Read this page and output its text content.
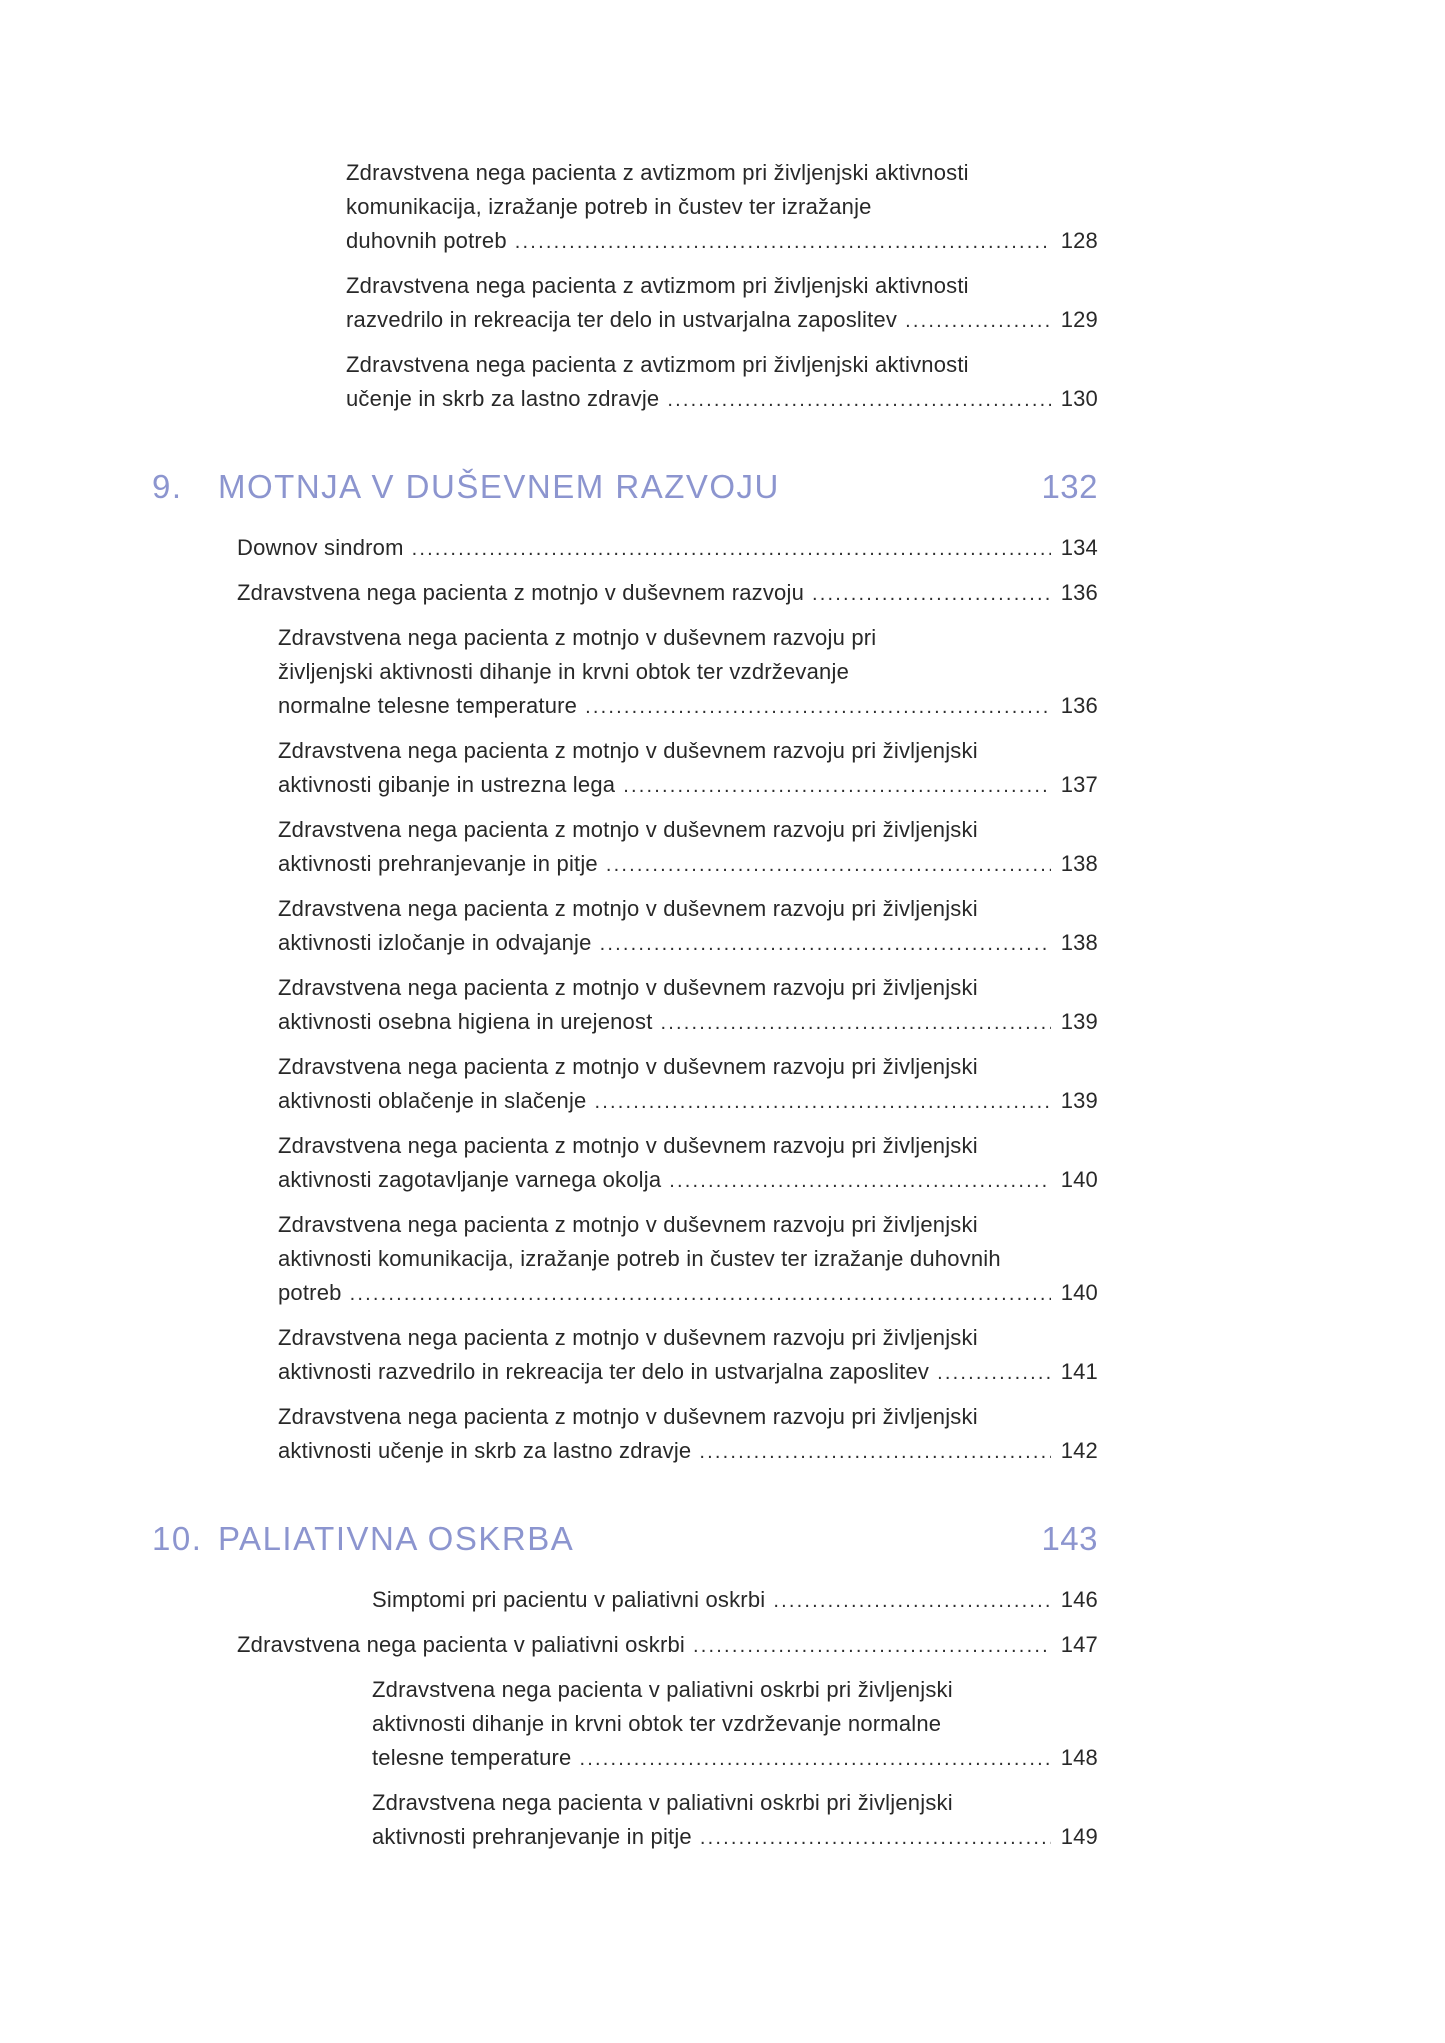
Zdravstvena nega pacienta z avtizmom pri življenjski aktivnosti
komunikacija, izražanje potreb in čustev ter izražanje
duhovnih potreb .....	128
Zdravstvena nega pacienta z avtizmom pri življenjski aktivnosti
razvedrilo in rekreacija ter delo in ustvarjalna zaposlitev .....	129
Zdravstvena nega pacienta z avtizmom pri življenjski aktivnosti
učenje in skrb za lastno zdravje .....	130
9.	MOTNJA V DUŠEVNEM RAZVOJU	132
Downov sindrom .....	134
Zdravstvena nega pacienta z motnjo v duševnem razvoju .....	136
Zdravstvena nega pacienta z motnjo v duševnem razvoju pri
življenjski aktivnosti dihanje in krvni obtok ter vzdrževanje
normalne telesne temperature .....	136
Zdravstvena nega pacienta z motnjo v duševnem razvoju pri življenjski
aktivnosti gibanje in ustrezna lega .....	137
Zdravstvena nega pacienta z motnjo v duševnem razvoju pri življenjski
aktivnosti prehranjevanje in pitje .....	138
Zdravstvena nega pacienta z motnjo v duševnem razvoju pri življenjski
aktivnosti izločanje in odvajanje .....	138
Zdravstvena nega pacienta z motnjo v duševnem razvoju pri življenjski
aktivnosti osebna higiena in urejenost .....	139
Zdravstvena nega pacienta z motnjo v duševnem razvoju pri življenjski
aktivnosti oblačenje in slačenje .....	139
Zdravstvena nega pacienta z motnjo v duševnem razvoju pri življenjski
aktivnosti zagotavljanje varnega okolja .....	140
Zdravstvena nega pacienta z motnjo v duševnem razvoju pri življenjski
aktivnosti komunikacija, izražanje potreb in čustev ter izražanje duhovnih
potreb .....	140
Zdravstvena nega pacienta z motnjo v duševnem razvoju pri življenjski
aktivnosti razvedrilo in rekreacija ter delo in ustvarjalna zaposlitev .....	141
Zdravstvena nega pacienta z motnjo v duševnem razvoju pri življenjski
aktivnosti učenje in skrb za lastno zdravje .....	142
10. PALIATIVNA OSKRBA	143
Simptomi pri pacientu v paliativni oskrbi .....	146
Zdravstvena nega pacienta v paliativni oskrbi .....	147
Zdravstvena nega pacienta v paliativni oskrbi pri življenjski
aktivnosti dihanje in krvni obtok ter vzdrževanje normalne
telesne temperature .....	148
Zdravstvena nega pacienta v paliativni oskrbi pri življenjski
aktivnosti prehranjevanje in pitje .....	149
